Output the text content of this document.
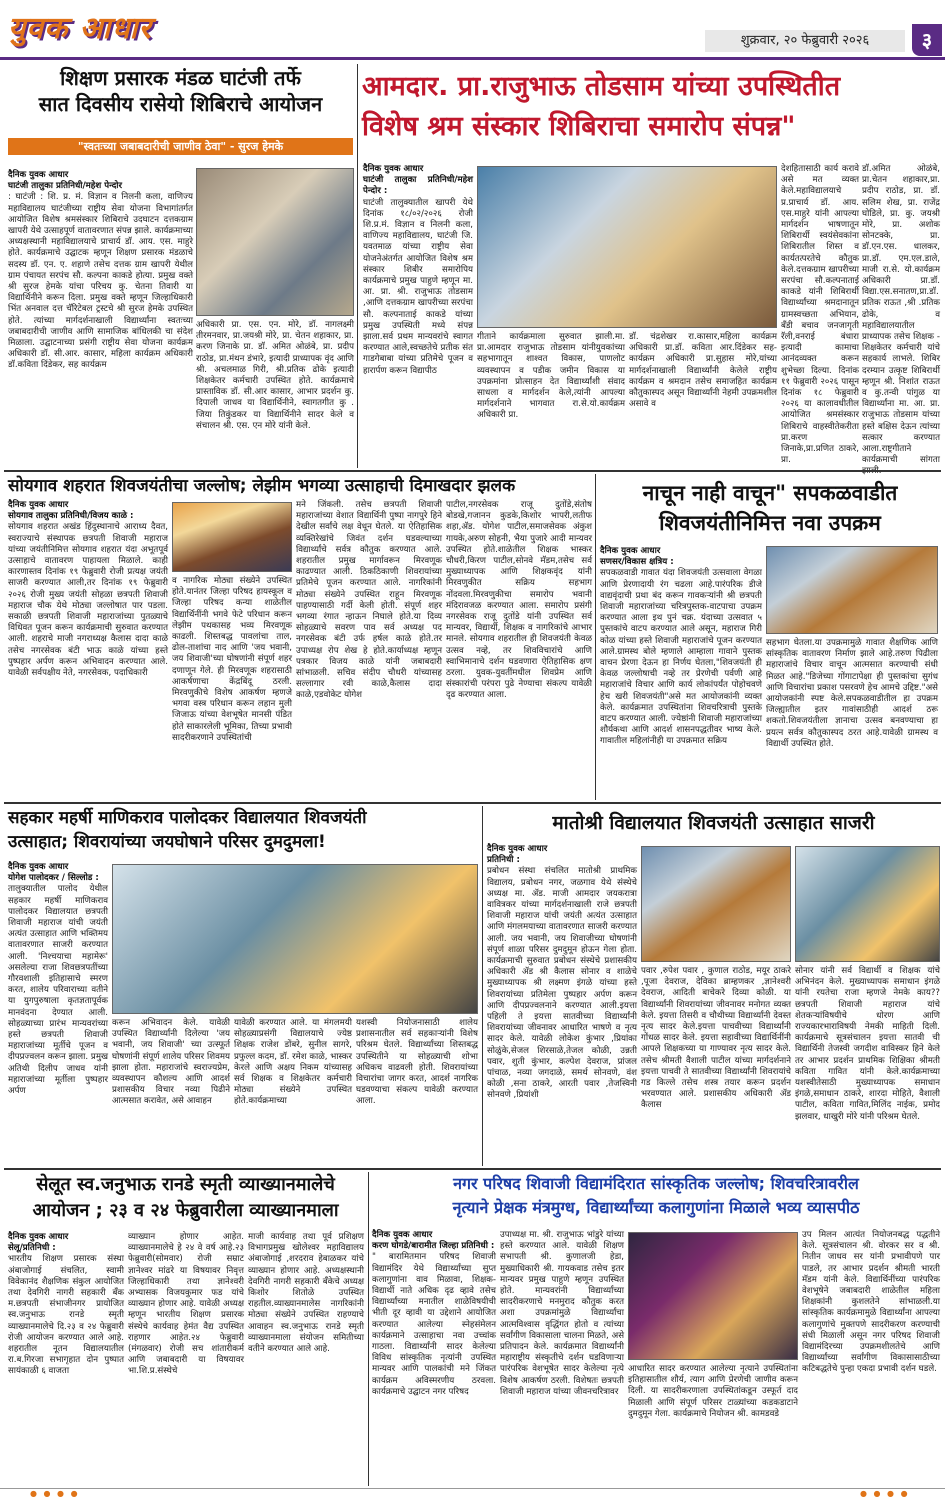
युवक आधार	शुक्रवार, २० फेब्रुवारी २०२६	३
शिक्षण प्रसारक मंडळ घाटंजी तर्फे
सात दिवसीय रासेयो शिबिराचे आयोजन
"स्वतःच्या जबाबदारीची जाणीव ठेवा" - सुरज हेमके
दैनिक युवक आधार
घाटंजी तालुका प्रतिनिधी/महेश पेन्दोर
: घाटंजी : शि. प्र. मं. विज्ञान व निलनी कला, वाणिज्य महाविद्यालय घाटंजीच्या राष्ट्रीय सेवा योजना विभागांतर्गत आयोजित विशेष श्रमसंस्कार शिबिराचे उदघाटन दत्तकग्राम खापरी येथे उत्साहपूर्ण वातावरणात संपन्न झाले. कार्यक्रमाच्या अध्यक्षस्थानी महाविद्यालयाचे प्राचार्य डॉ. आय. एस. माहुरे होते. कार्यक्रमाचे उद्घाटक म्हणून शिक्षण प्रसारक मंडळाचे सदस्य डॉ. एन. ए. शहाणे तसेच दत्तक ग्राम खापरी येथील ग्राम पंचायत सरपंच सौ. कल्पना काकडे होत्या. प्रमुख वक्ते श्री सुरज हेमके यांचा परिचय कु. चेतना तिवारी या विद्यार्थिनीने करून दिला. प्रमुख वक्ते म्हणून जिल्हाधिकारी भिंत अनवाल दत्त चॅरिटेबल ट्रस्टचे श्री सुरज हेमके उपस्थित होते. त्यांच्या मार्गदर्शनाखाली विद्यार्थ्यांना स्वतःच्या जबाबदारीची जाणीव आणि सामाजिक बांधिलकी चा संदेश मिळाला. उद्घाटनाच्या प्रसंगी राष्ट्रीय सेवा योजना कार्यक्रम अधिकारी डॉ. सी.आर. कासार, महिला कार्यक्रम अधिकारी डॉ.कविता दिंडेकर, सह कार्यक्रम
अधिकारी प्रा. एस. एन. मोरे, डॉ. नागलक्ष्मी तीरमनवार, प्रा.जयश्री मोरे, प्रा. चेतन शहाकार, प्रा. करण जिनाके प्रा. डॉ. अमित ओळंबे, प्रा. प्रदीप राठोड, प्रा.मंथन डंभारे, इत्यादी प्राध्यापक वृंद आणि श्री. अचलमाळ गिरी, श्री.प्रतिक ढोके इत्यादी शिक्षकेतर कर्मचारी उपस्थित होते. कार्यक्रमाचे प्रास्ताविक डॉ. सी.आर कासार, आभार प्रदर्शन कु. दिपाली जाधव या विद्यार्थिनीने, स्वागतगीत कु . जिया तिकुंडकर या विद्यार्थिनीने सादर केले व संचालन श्री. एस. एन मोरे यांनी केले.
आमदार. प्रा.राजुभाऊ तोडसाम यांच्या उपस्थितीत
विशेष श्रम संस्कार शिबिराचा समारोप संपन्न"
दैनिक युवक आधार
घाटंजी तालुका प्रतिनिधी/महेश पेन्दोर :
घाटंजी तालुक्यातील खापरी येथे दिनांक १८/०२/२०२६ रोजी शि.प्र.मं. विज्ञान व निलनी कला, वाणिज्य महाविद्यालय, घाटंजी जि. यवतमाळ यांच्या राष्ट्रीय सेवा योजनेअंतर्गत आयोजित विशेष श्रम संस्कार शिबीर समारोपिय कार्यक्रमाचे प्रमुख पाहुणे म्हणून मा. आ. प्रा. श्री. राजुभाऊ तोडसाम ,आणि दत्तकग्राम खापरीच्या सरपंचा सौ. कल्पनाताई काकडे यांच्या प्रमुख उपस्थिती मध्ये संपन्न झाला.सर्व प्रथम मान्यवरांचे स्वागत करण्यात आले,स्वच्छतेचे प्रतीक संत गाडगेबाबा यांच्या प्रतिमेचे पूजन व हारार्पण करून विद्यापीठ
गीताने कार्यक्रमाला सुरुवात झाली.मा. प्रा.आमदार राजुभाऊ तोडसाम यांनीयुवकांच्या सहभागातून शाश्वत विकास, पाणलोट व्यवस्थापन व पडीक जमीन विकास या उपक्रमांना प्रोत्साहन देत विद्यार्थ्यांशी संवाद साधला व मार्गदर्शन केले,त्यांनी आपल्या मार्गदर्शनाने भागवात रा.से.यो.कार्यक्रम अधिकारी प्रा.
डॉ. चंद्रशेखर रा.कासार,महिला कार्यक्रम अधिकारी प्रा.डॉ. कविता आर.दिंडेकर सह-कार्यक्रम अधिकारी प्रा.सुहास मोरे,यांच्या मार्गदर्शनाखाली विद्यार्थ्यांनी केलेले राष्ट्रीय कार्यक्रम व श्रमदान तसेच समाजहित कार्यक्रम कौतुकास्पद असून विद्यार्थ्यांनी नेहमी उपक्रमशील असावे व
देशहितासाठी कार्य करावे असे मत व्यक्त केले.महाविद्यालयाचे प्र.प्राचार्य डॉ. आय. एस.माहुरे यांनी आपल्या मार्गदर्शन भाषणातून शिबिरार्थी स्वयंसेवकांना शिबिरातील शिस्त व कार्यतत्परतेचे कौतुक केले.दत्तकग्राम खापरीच्या सरपंचा सौ.कल्पनाताई काकडे यांनी शिबिरार्थी विद्यार्थ्यांच्या श्रमदानातून ग्रामस्वच्छता अभियान, बँडी बचाव जनजागृती रॅली,वनराई बंधारा इत्यादी कामाचा आनंदव्यक्त करून शुभेच्छा दिल्या. दिनांक ११ फेब्रुवारी २०२६ पासून दिनांक १८ फेब्रुवारी २०२६ या कालावधीतील आयोजित श्रमसंस्कार शिबिराचे वाहस्वीतेकरीता प्रा.करण जिनाके,प्रा.प्रणित ठाकरे, प्रा.
डॉ.अमित ओळंबे, प्रा.चेतन शहाकार,प्रा. प्रदीप राठोड, प्रा. डॉ. सलिम शेख, प्रा. राजेंद्र घोडिले, प्रा. कु. जयश्री मोरे, प्रा. अशोक सोनटक्के, प्रा. डॉ.एन.एस. धालकर, प्रा.डॉ. एम.एल.डाले, माजी रा.से. यो.कार्यक्रम अधिकारी प्रा.डॉ. विद्या.एस.सनातण,प्रा.डॉ. प्रतिक राऊत ,श्री .प्रतिक ढोके, व महाविद्यालयातील प्राध्यापक तसेच शिक्षक - शिक्षकेतर कर्मचारी यांचे सहकार्य लाभले. शिबिर दरम्यान उत्कृष्ट शिबिरार्थी म्हणून श्री. निशांत राऊत व कु.तन्वी पांगुळ या विद्यार्थ्यांना मा. आ. प्रा. राजुभाऊ तोडसाम यांच्या हस्ते बक्षिस देऊन त्यांच्या सत्कार करण्यात आला.राष्ट्रगीताने कार्यक्रमाची सांगता
सोयगाव शहरात शिवजयंतीचा जल्लोष; लेझीम भगव्या उत्साहाची दिमाखदार झलक
दैनिक युवक आधार
सोयगाव तालुका प्रतिनिधी/विजय काळे :
सोयगाव शहरात अखंड हिंदुस्थानाचे आराध्य दैवत, स्वराज्याचे संस्थापक छत्रपती शिवाजी महाराज यांच्या जयंतीनिमित्त सोयगाव शहरात यंदा अभूतपूर्व उत्साहाचे वातावरण पाहायला मिळाले. काही कारणास्तव दिनांक १९ फेब्रुवारी रोजी प्रत्यक्ष जयंती साजरी करण्यात आली,तर दिनांक १९ फेब्रुवारी २०२६ रोजी मुख्य जयंती सोहळा छत्रपती शिवाजी महाराज चौक येथे मोठ्या जल्लोषात पार पडला. सकाळी छत्रपती शिवाजी महाराजांच्या पुतळ्याचे विधिवत पूजन करून कार्यक्रमाची सुरुवात करण्यात आली. शहराचे माजी नगराध्यक्ष कैलास दादा काळे तसेच नगरसेवक बंटी भाऊ काळे यांच्या हस्ते पुष्पहार अर्पण करून अभिवादन करण्यात आले. यावेळी सर्वपक्षीय नेते, नगरसेवक, पदाधिकारी
व नागरिक मोठ्या संख्येने उपस्थित होते.यानंतर जिल्हा परिषद हायस्कूल व जिल्हा परिषद कन्या शाळेतील विद्यार्थिनींनी भगवे फेटे परिधान करून लेझीम पथकासह भव्य मिरवणूक काढली. शिस्तबद्ध पावलांचा ताल, ढोल-ताशांचा नाद आणि 'जय भवानी, जय शिवाजी'च्या घोषणांनी संपूर्ण शहर दणाणून गेले. ही मिरवणूक शहरासाठी आकर्षणाचा केंद्रबिंदू ठरली. मिरवणुकीचे विशेष आकर्षण म्हणजे भगवा वस्त्र परिधान करून लहान मुली जिजाऊ यांच्या वेशभूषेत मानसी पंडित होते साकारलेली भूमिका, तिच्या प्रभावी सादरीकरणाने उपस्थितांची
मने जिंकली. तसेच छत्रपती शिवाजी महाराजांच्या वेशात विद्यार्थिनी पुष्पा नागपुरे हिने देखील सर्वांचे लक्ष वेधून घेतले. या ऐतिहासिक व्यक्तिरेखांचे जिवंत दर्शन घडवल्याच्या विद्यार्थ्यांचे सर्वत्र कौतुक करण्यात आले. शहरातील प्रमुख मार्गावरून मिरवणूक काढण्यात आली. ठिकठिकाणी शिवरायांच्या प्रतिमेचे पूजन करण्यात आले. नागरिकांनी मोठ्या संख्येने उपस्थित राहून मिरवणूक पाहण्यासाठी गर्दी केली होती. संपूर्ण शहर भगव्या रंगात न्हाऊन निघाले होते.या दिव्य सोहळ्याचे सवरण पाव सर्व अध्यक्ष पद नगरसेवक बंटी उर्फ हर्षल काळे होते.तर उपाध्यक्ष रोप शेख हे होते.कार्याध्यक्ष म्हणून पत्रकार विजय काळे यांनी जबाबदारी सांभाळली. सचिव संदीप चौधरी यांच्यासह सल्लागार रवी काळे,कैलास दादा काळे,एडवोकेट योगेश
पाटील,नगरसेवक राजू दुतोंडे,संतोष बोडखे,गजानन कुडके,किशोर भापरी,लतीफ शहा,ॲड. योगेश पाटील,समाजसेवक अंकुश गायके,अरुण सोहनी, भैया पुजारे आदी मान्यवर उपस्थित होते.शाळेतील शिक्षक भास्कर चौधरी,किरण पाटील,सोनवे मॅडम,तसेच सर्व मुख्याध्यापक आणि शिक्षकवृंद यांनी मिरवणुकीत सक्रिय सहभाग नोंदवला.मिरवणुकीचा समारोप भवानी मंदिरावजळ करण्यात आला. समारोप प्रसंगी नगरसेवक राजू दुतोंडे यांनी उपस्थित सर्व मान्यवर, विद्यार्थी, शिक्षक व नागरिकांचे आभार मानले. सोयगाव शहरातील ही शिवजयंती केवळ उत्सव नव्हे, तर शिवविचारांचे आणि स्वाभिमानाचे दर्शन घडवणारा ऐतिहासिक क्षण ठरला. युवक-युवतींमधील शिवप्रेम आणि संस्कारांची परंपरा पुढे नेण्याचा संकल्प यावेळी दृढ करण्यात आला.
नाचून नाही वाचून" सपकळवाडीत
शिवजयंतीनिमित्त नवा उपक्रम
दैनिक युवक आधार
सणसर/विकास क्षत्रिय :
सपकळवाडी गावात यंदा शिवजयंती उत्सवाला वेगळा आणि प्रेरणादायी रंग चढला आहे.पारंपरिक डीजे वाद्यवृंदाची प्रथा बंद करून गावकऱ्यांनी श्री छत्रपती शिवाजी महाराजांच्या चरित्रपुस्तक-वाटपाचा उपक्रम करण्यात आला इथ पुनं चक्र. यंदाच्या उत्सवात ५ पुस्तकांचे वाटप करण्यात आले असून, महाराज गिरी कोळ यांच्या हस्ते शिवाजी महाराजांचे पूजन करण्यात आले.ग्रामस्थ बोले म्हणाले आम्हाला गावाने पुस्तक वाचन प्रेरणा देऊन हा निर्णय घेतला,"शिवजयंती ही केवळ जल्लोषाची नव्हे तर प्रेरणेची पर्वणी आहे महाराजांचे विचार आणि कार्य लोकांपर्यंत पोहोचवणे हेच खरी शिवजयंती"असे मत आयोजकांनी व्यक्त केले. कार्यक्रमात उपस्थितांना शिवचरित्राची पुस्तके वाटप करण्यात आली. ज्येष्ठांनी शिवाजी महाराजांच्या शौर्यकथा आणि आदर्श शासनपद्धतीवर भाष्य केले. गावातील महिलांनीही या उपक्रमात सक्रिय
सहभाग घेतला.या उपक्रमामुळे गावात शैक्षणिक आणि सांस्कृतिक वातावरण निर्माण झाले आहे.तरुण पिढीला महाराजांचे विचार वाचून आत्मसात करण्याची संधी मिळत आहे."डिजेच्या गोंगाटापेक्षा ही पुस्तकांचा सुगंध आणि विचारांचा प्रकाश पसरवणे हेच आमचे उद्दिष्ट."असे आयोजकांनी स्पष्ट केले.सपकळवाडीतील हा उपक्रम जिल्ह्यातील इतर गावांसाठीही आदर्श ठरू शकतो.शिवजयंतीला ज्ञानाचा उत्सव बनवण्याचा हा प्रयत्न सर्वत्र कौतुकास्पद ठरत आहे.यावेळी ग्रामस्थ व विद्यार्थी उपस्थित होते.
सहकार महर्षी माणिकराव पालोदकर विद्यालयात शिवजयंती
उत्साहात; शिवरायांच्या जयघोषाने परिसर दुमदुमला!
दैनिक युवक आधार
योगेश पालोदकर / सिल्लोड :
तालुक्यातील पालोद येथील सहकार महर्षी माणिकराव पालोदकर विद्यालयात छत्रपती शिवाजी महाराज यांची जयंती अत्यंत उत्साहात आणि भक्तिमय वातावरणात साजरी करण्यात आली. 'निश्चयाचा महामेरू' असलेल्या राजा शिवछत्रपतींच्या गौरवशाली इतिहासाचे स्मरण करत, शालेय परिवाराच्या वतीने या युगपुरुषाला कृतज्ञतापूर्वक मानवंदना देण्यात आली. सोहळ्याच्या प्रारंभ मान्यवरांच्या हस्ते छत्रपती शिवाजी महाराजांच्या मूर्तीचे पूजन व दीपप्रज्वलन करून झाला. प्रमुख अतिथी दिलीप जाधव यांनी महाराजांच्या मूर्तीला पुष्पहार अर्पण
करून अभिवादन केले. यावेळी उपस्थित विद्यार्थ्यांनी दिलेल्या 'जय भवानी, जय शिवाजी' च्या उत्स्फूर्त घोषणांनी संपूर्ण शालेय परिसर शिवमय झाला होता. महाराजांचे स्वराज्यप्रेम, व्यवस्थापन कौशल्य आणि आदर्श प्रशासकीय विचार नव्या पिढीने आत्मसात करावेत, असे आवाहन
यावेळी करण्यात आले. या मंगलमयी सोहळ्याप्रसंगी विद्यालयाचे ज्येष्ठ शिक्षक राजेश डोंबरे, सुनील सागरे, प्रफुल्ल कदम, डॉ. रमेश काळे, भास्कर केरले आणि अक्षय निकम यांच्यासह सर्व शिक्षक व शिक्षकेतर कर्मचारी मोठ्या संख्येने उपस्थित होते.कार्यक्रमाच्या
यशस्वी नियोजनासाठी शालेय प्रशासनातील सर्व सहकाऱ्यांनी विशेष परिश्रम घेतले. विद्यार्थ्यांच्या शिस्तबद्ध उपस्थितीने या सोहळ्याची शोभा अधिकच वाढवली होती. शिवरायांच्या विचारांचा जागर करत, आदर्श नागरिक घडवण्याचा संकल्प यावेळी करण्यात आला.
मातोश्री विद्यालयात शिवजयंती उत्साहात साजरी
दैनिक युवक आधार
प्रतिनिधी :
प्रबोधन संस्था संचलित मातोश्री प्राथमिक विद्यालय, प्रबोधन नगर, जळगाव येथे संस्थेचे अध्यक्ष मा. ॲड. माजी आमदार जयकरात्रा वावित्रकर यांच्या मार्गदर्शनाखाली राजे छत्रपती शिवाजी महाराज यांची जयंती अत्यंत उत्साहात आणि मंगलमयाच्या वातावरणात साजरी करण्यात आली. जय भवानी, जय शिवाजीच्या घोषणांनी संपूर्ण शाळा परिसर दुमदुमून होऊन गेला होता. कार्यक्रमाची सुरुवात प्रबोधन संस्थेचे प्रशासकीय अधिकारी ॲड श्री कैलास सोनार व शाळेचे मुख्याध्यापक श्री लक्ष्मण इंगळे यांच्या हस्ते शिवरायांच्या प्रतिमेला पुष्पहार अर्पण करून आणि दीपप्रज्वलनाने करण्यात आली.इयत्ता पहिली ते इयत्ता सातवीच्या विद्यार्थ्यांनी शिवरायांच्या जीवनावर आधारित भाषणे व नृत्य सादर केले. यावेळी लोकेश कुंभार ,प्रियांका सोळुंके,सेजल शिरसाळे,तेजल कोळी, उन्नती पवार, शुती कुंभार, कल्पेश देवराज, प्रांजल पांचाळ, नव्या जगदाळे, समर्थ सोनवणे, वंश कोळी ,सना ठाकरे, आरती पवार ,तेजस्विनी सोनवणे ,प्रियांशी
पवार ,रुपेश पवार , कुणाल राठोड, मयूर ठाकरे ,पूजा देवराज, देविका ब्राम्हणकर ,ज्ञानेश्वरी देवराज, आदिती बाचेकरे दिव्या कोळी. या विद्यार्थ्यांनी शिवरायांच्या जीवनावर मनोगत व्यक्त केले. इयत्ता तिसरी व चौथीच्या विद्यार्थ्यांनी देवस्त नृत्य सादर केले.इयत्ता पाचवीच्या विद्यार्थ्यांनी गोंधळ सादर केले. इयत्ता सहावीच्या विद्यार्थिनींनी आपले शिक्षकच्या या गाण्यावर नृत्य सादर केले. तसेच श्रीमती वैशाली पाटील यांच्या मार्गदर्शनाने इयत्ता पाचवी ते सातवीच्या विद्यार्थ्यांनी शिवरायांचे गड किल्ले तसेच शस्त्र तयार करून प्रदर्शन भरवण्यात आले. प्रशासकीय अधिकारी ॲड कैलास
सोनार यांनी सर्व विद्यार्थी व शिक्षक यांचे अभिनंदन केले. मुख्याध्यापक समाधान इंगळे यांनी रयतेचा राजा म्हणजे नेमके काय?? छत्रपती शिवाजी महाराज यांचे शेतकऱ्यांविषयीचे धोरण आणि राज्यकारभाराविषयी नेमकी माहिती दिली. कार्यक्रमाचे सूत्रसंचालन इयत्ता सातवी ची विद्यार्थिनी तेजस्वी जगदीश वाविस्कर हिने केले तर आभार प्रदर्शन प्राथमिक शिक्षिका श्रीमती कविता गावित यांनी केले.कार्यक्रमाच्या यशस्वीतेसाठी मुख्याध्यापक समाधान इंगळे,समाधान ठाकरे, शारदा मोहिते, वैशाली पाटील, कविता गावित,मिलिंद नाईक, प्रमोद झलवार, धाखुरी मोरे यांनी परिश्रम घेतले.
सेलूत स्व.जनुभाऊ रानडे स्मृती व्याख्यानमालेचे
आयोजन ; २३ व २४ फेब्रुवारीला व्याख्यानमाला
दैनिक युवक आधार
सेलू/प्रतिनिधी :
भारतीय शिक्षण प्रसारक संस्था अंबाजोगाई संचलित, स्वामी विवेकानंद शैक्षणिक संकुल आयोजित तथा देवगिरी नागरी सहकारी बँक म.छत्रपती संभाजीनगर प्रायोजित स्व.जनुभाऊ रानडे स्मृती व्याख्यानमालेचे दि.२३ व २४ फेब्रुवारी रोजी आयोजन करण्यात आले आहे. शहरातील नूतन विद्यालयातील रा.ब.गिरजा सभागृहात दोन पुष्पात सायंकाळी ६ वाजता
व्याख्यान होणार आहेत. व्याख्यानमालेचे हे २४ वे वर्ष आहे.२३ फेब्रुवारी(सोमवार) रोजी सम्राट ज्ञानेश्वर मांढरे या विषयावर निवृत्त जिल्हाधिकारी तथा ज्ञानेश्वरी अभ्यासक विजयकुमार फड यांचे व्याख्यान होणार आहे. यावेळी अध्यक्ष म्हणून भारतीय शिक्षण प्रसारक संस्थेचे कार्यवाह हेमंत वैद्य उपस्थित राहणार आहेत.२४ फेब्रुवारी (मंगळवार) रोजी सच शांतारीकर्म आणि जबाबदारी या विषयावर भा.शि.प्र.संस्थेचे
माजी कार्यवाह तथा पूर्व प्रशिक्षण विभागप्रमुख खोलेश्वर महाविद्यालय अंबाजोगाई ,शरदराव हेबाळकर यांचे व्याख्यान होणार आहे. अध्यक्षस्थानी देवगिरी नागरी सहकारी बँकेचे अध्यक्ष किशोर शितोळे उपस्थित राहतील.व्याख्यानमालेस नागरिकांनी मोठ्या संख्येने उपस्थित राहण्याचे आवाहन स्व.जनुभाऊ रानडे स्मृती व्याख्यानमाला संयोजन समितीच्या वतीने करण्यात आले आहे.
नगर परिषद शिवाजी विद्यामंदिरात सांस्कृतिक जल्लोष; शिवचरित्रावरील
नृत्याने प्रेक्षक मंत्रमुग्ध, विद्यार्थ्यांच्या कलागुणांना मिळाले भव्य व्यासपीठ
दैनिक युवक आधार
करण घोगडे/बारामीत जिल्हा प्रतिनिधी :
" बारामितमान परिषद शिवाजी विद्यामंदिर येथे विद्यार्थ्यांच्या सुप्त कलागुणांना वाव मिळावा, शिक्षक-विद्यार्थी नाते अधिक दृढ व्हावे तसेच विद्यार्थ्यांच्या मनातील शाळेविषयीची भीती दूर व्हावी या उद्देशाने आयोजित करण्यात आलेल्या स्नेहसंमेलन कार्यक्रमाने उत्साहाचा नवा उच्चांक गाठला. विद्यार्थ्यांनी सादर केलेल्या विविध सांस्कृतिक नृत्यांनी उपस्थित मान्यवर आणि पालकांची मने जिंकत कार्यक्रम अविस्मरणीय ठरवला. कार्यक्रमाचे उद्घाटन नगर परिषद
उपाध्यक्ष मा. श्री. राजुभाऊ भांडुरे यांच्या हस्ते करण्यात आले. यावेळी शिक्षण सभापती श्री. कुणालजी हेडा, मुख्याधिकारी श्री. गायकवाड तसेच इतर मान्यवर प्रमुख पाहुणे म्हणून उपस्थित होते. मान्यवरांनी विद्यार्थ्यांच्या सादरीकरणाचे मनमुराद कौतुक करत अशा उपक्रमांमुळे विद्यार्थ्यांचा आत्मविश्वास वृद्धिंगत होतो व त्यांच्या सर्वांगीण विकासाला चालना मिळते, असे प्रतिपादन केले. कार्यक्रमात विद्यार्थ्यांनी महाराष्ट्रीय संस्कृतीचे दर्शन घडविणाऱ्या पारंपरिक वेशभूषेत सादर केलेल्या नृत्ये विशेष आकर्षण ठरली. विशेषतः छत्रपती शिवाजी महाराज यांच्या जीवनचरित्रावर
आधारित सादर करण्यात आलेल्या नृत्याने उपस्थितांना इतिहासातील शौर्य, त्याग आणि प्रेरणेची जाणीव करून दिली. या सादरीकरणाला उपस्थितांकडून उस्फूर्त दाद मिळाली आणि संपूर्ण परिसर टाळ्यांच्या कडकडाटाने दुमदुमून गेला. कार्यक्रमाचे नियोजन श्री. कामडवडे
उप मिलन आत्यंत नियोजनबद्ध पद्धतीने केले. सूत्रसंचालन श्री. वोरकर सर व श्री. नितीन जाधव सर यांनी प्रभावीपणे पार पाडले, तर आभार प्रदर्शन श्रीमती भारती मॅडम यांनी केले. विद्यार्थिनींच्या पारंपरिक वेशभूषेने जबाबदारी शाळेतील महिला शिक्षकांनी कुशलतेने सांभाळली.या सांस्कृतिक कार्यक्रमामुळे विद्यार्थ्यांना आपल्या कलागुणांचे मुक्तपणे सादरीकरण करण्याची संधी मिळाली असून नगर परिषद शिवाजी विद्यामंदिरच्या उपक्रमशीलतेचे आणि विद्यार्थ्यांच्या सर्वांगीण विकासासाठीच्या कटिबद्धतेचे पुन्हा एकदा प्रभावी दर्शन घडले.
● ● ● ●	● ● ● ●
